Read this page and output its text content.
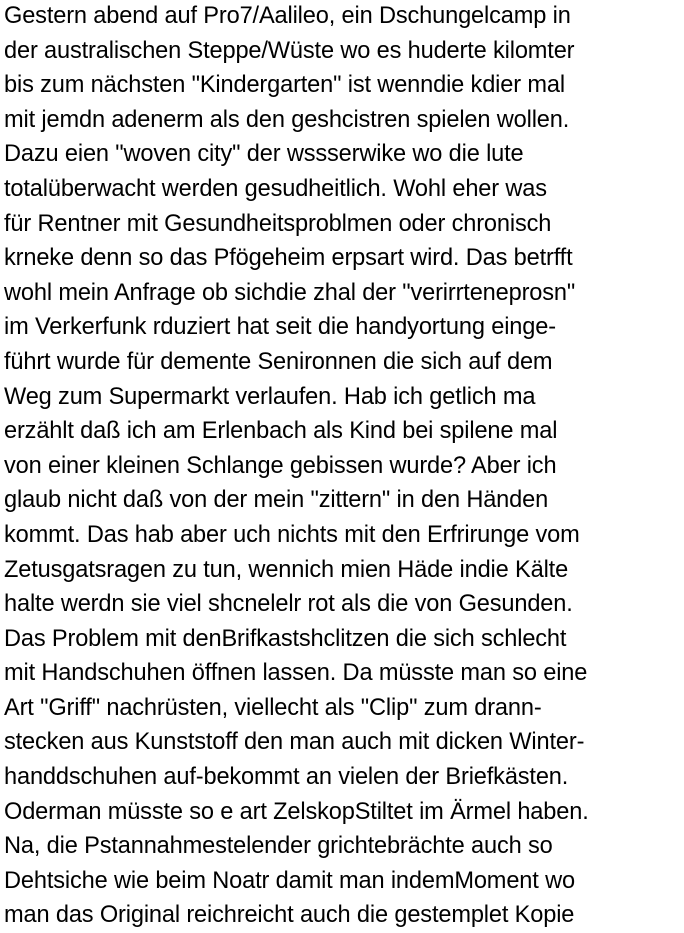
Gestern abend auf Pro7/Aalileo, ein Dschungelcamp in
der australischen Steppe/Wüste wo es huderte kilomter
bis zum nächsten "Kindergarten" ist wenndie kdier mal
mit jemdn adenerm als den geshcistren spielen wollen.
Dazu eien "woven city" der wssserwike wo die lute
totalüberwacht werden gesudheitlich. Wohl eher was
für Rentner mit Gesundheitsproblmen oder chronisch
krneke denn so das Pfögeheim erpsart wird. Das betrfft
wohl mein Anfrage ob sichdie zhal der "verirrteneprosn"
im Verkerfunk rduziert hat seit die handyortung einge-
führt wurde für demente Senironnen die sich auf dem
Weg zum Supermarkt verlaufen. Hab ich getlich ma
erzählt daß ich am Erlenbach als Kind bei spilene mal
von einer kleinen Schlange gebissen wurde? Aber ich
glaub nicht daß von der mein "zittern" in den Händen
kommt. Das hab aber uch nichts mit den Erfrirunge vom
Zetusgatsragen zu tun, wennich mien Häde indie Kälte
halte werdn sie viel shcnelelr rot als die von Gesunden.
Das Problem mit denBrifkastshclitzen die sich schlecht
mit Handschuhen öffnen lassen. Da müsste man so eine
Art "Griff" nachrüsten, viellecht als "Clip" zum drann-
stecken aus Kunststoff den man auch mit dicken Winter-
handdschuhen auf-bekommt an vielen der Briefkästen.
Oderman müsste so e art ZelskopStiltet im Ärmel haben.
Na, die Pstannahmestelender grichtebrächte auch so
Dehtsiche wie beim Noatr damit man indemMoment wo
man das Original reichreicht auch die gestemplet Kopie
